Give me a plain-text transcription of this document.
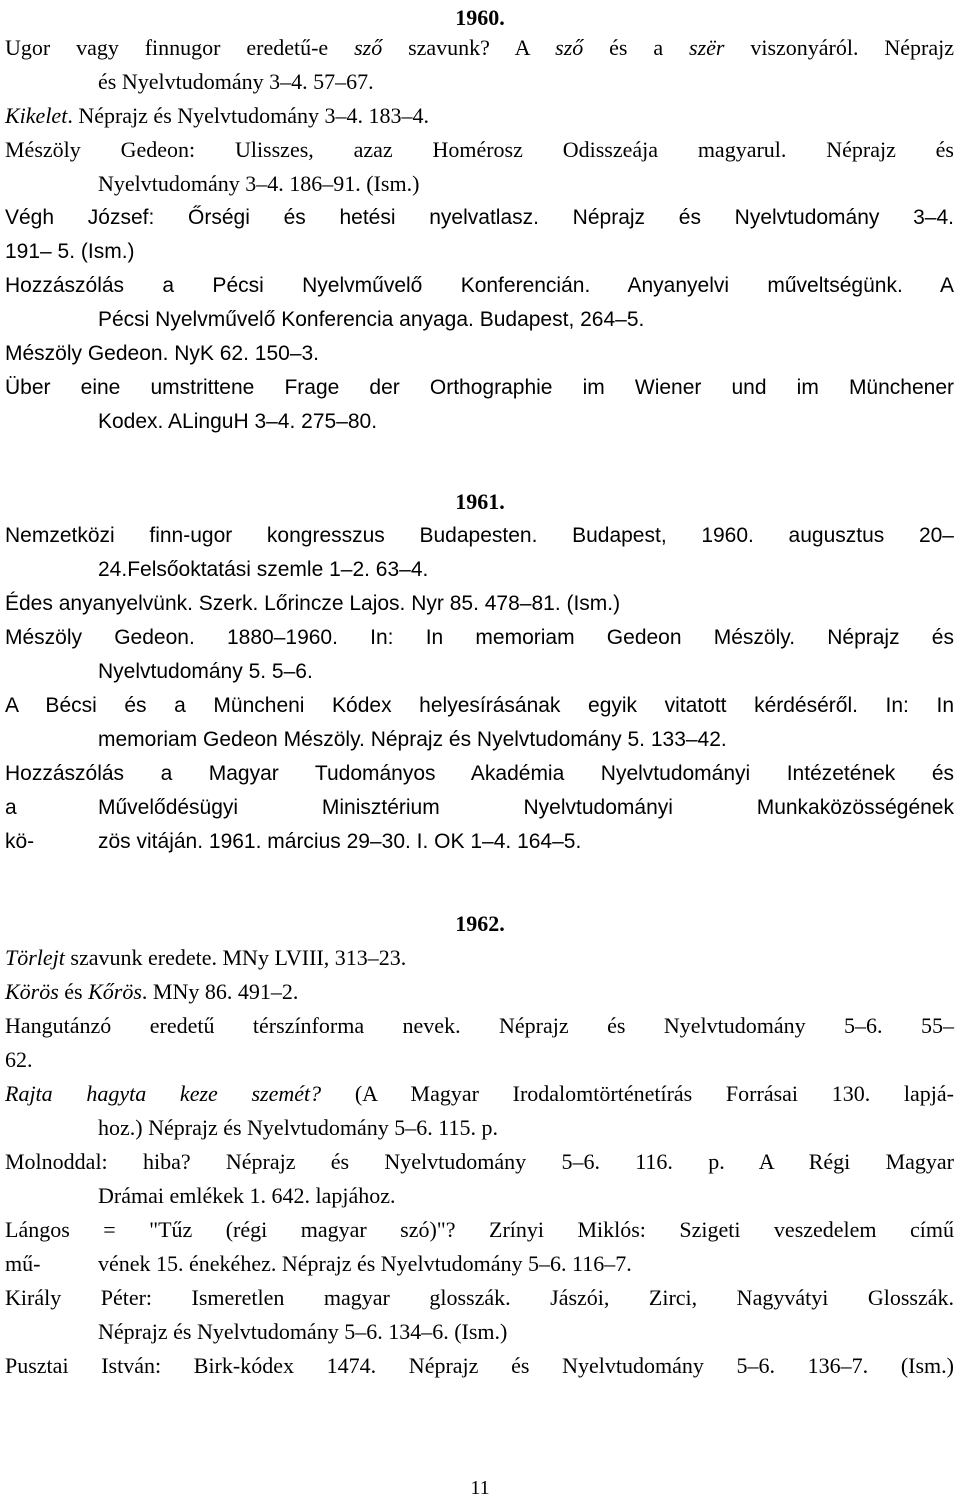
1960.

Ugor vagy finnugor eredetű-e sző szavunk? A sző és a szër viszonyáról. Néprajz

és Nyelvtudomány 3–4. 57–67.

Kikelet. Néprajz és Nyelvtudomány 3–4. 183–4.

Mészöly Gedeon: Ulisszes, azaz Homérosz Odisszeája magyarul. Néprajz és

Nyelvtudomány 3–4. 186–91. (Ism.)

Végh József: Őrségi és hetési nyelvatlasz. Néprajz és Nyelvtudomány 3–4.

191– 5. (Ism.)

Hozzászólás a Pécsi Nyelvművelő Konferencián. Anyanyelvi műveltségünk. A

Pécsi Nyelvművelő Konferencia anyaga. Budapest, 264–5.

Mészöly Gedeon. NyK 62. 150–3.

Über eine umstrittene Frage der Orthographie im Wiener und im Münchener

Kodex. ALinguH 3–4. 275–80.

1961.

Nemzetközi finn-ugor kongresszus Budapesten. Budapest, 1960. augusztus 20–

24.Felsőoktatási szemle 1–2. 63–4.

Édes anyanyelvünk. Szerk. Lőrincze Lajos. Nyr 85. 478–81. (Ism.)

Mészöly Gedeon. 1880–1960. In: In memoriam Gedeon Mészöly. Néprajz és

Nyelvtudomány 5. 5–6.

A Bécsi és a Müncheni Kódex helyesírásának egyik vitatott kérdéséről. In: In

memoriam Gedeon Mészöly. Néprajz és Nyelvtudomány 5. 133–42.

Hozzászólás a Magyar Tudományos Akadémia Nyelvtudományi Intézetének és

a	Művelődésügyi Minisztérium Nyelvtudományi Munkaközösségének

kö-	zös vitáján. 1961. március 29–30. I. OK 1–4. 164–5.

1962.

Törlejt szavunk eredete. MNy LVIII, 313–23.

Körös és Kőrös. MNy 86. 491–2.

Hangutánzó eredetű térszínforma nevek. Néprajz és Nyelvtudomány 5–6. 55–

62.

Rajta hagyta keze szemét? (A Magyar Irodalomtörténetírás Forrásai 130. lapjá-

hoz.) Néprajz és Nyelvtudomány 5–6. 115. p.

Molnoddal: hiba? Néprajz és Nyelvtudomány 5–6. 116. p. A Régi Magyar

Drámai emlékek 1. 642. lapjához.

Lángos = "Tűz (régi magyar szó)"? Zrínyi Miklós: Szigeti veszedelem című

mű-	vének 15. énekéhez. Néprajz és Nyelvtudomány 5–6. 116–7.

Király Péter: Ismeretlen magyar glosszák. Jászói, Zirci, Nagyvátyi Glosszák.

Néprajz és Nyelvtudomány 5–6. 134–6. (Ism.)

Pusztai István: Birk-kódex 1474. Néprajz és Nyelvtudomány 5–6. 136–7. (Ism.)

11
